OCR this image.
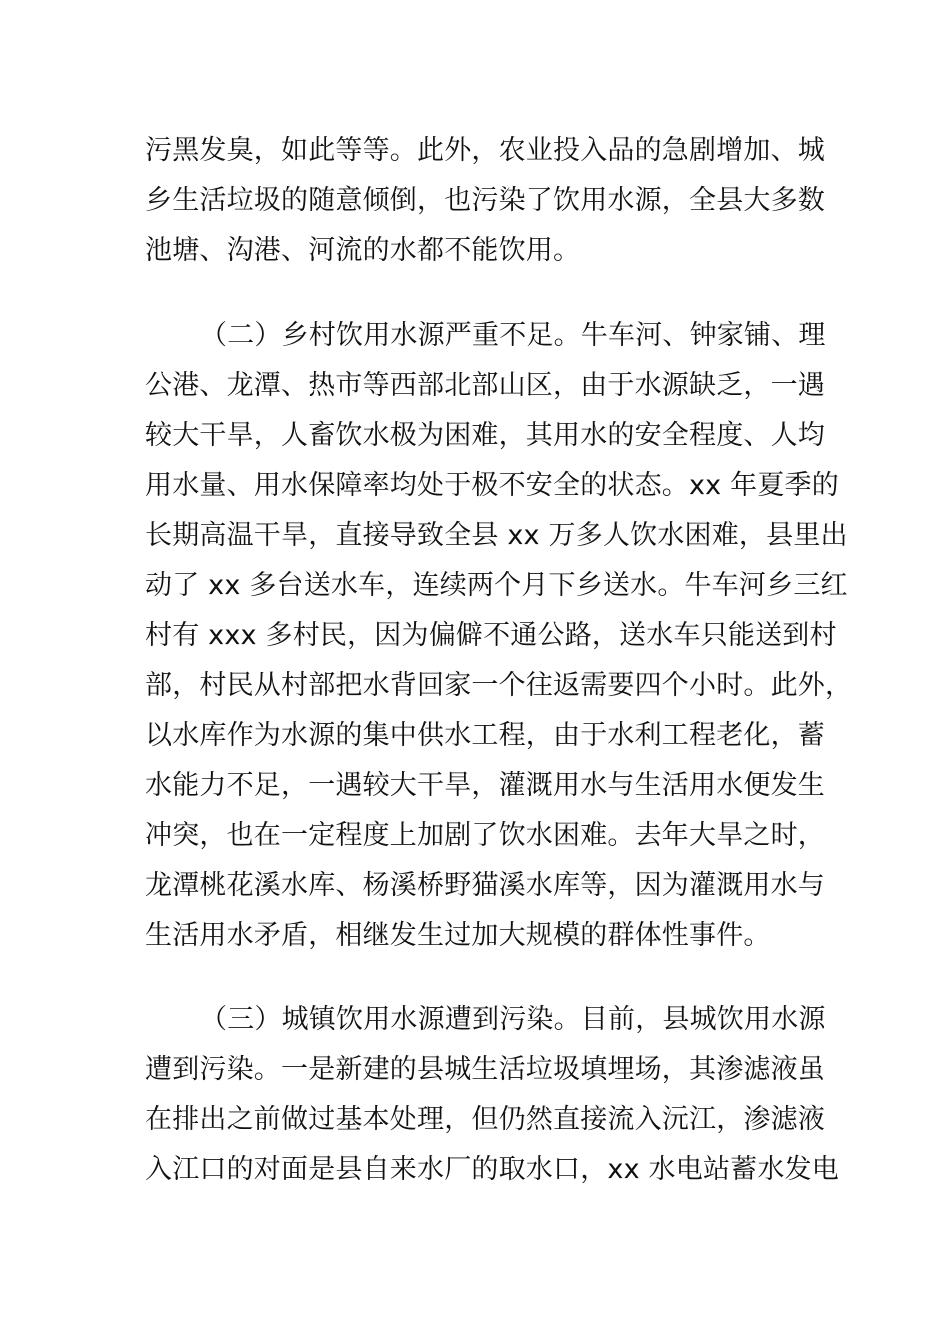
污黑发臭，如此等等。此外，农业投入品的急剧增加、城
乡生活垃圾的随意倾倒，也污染了饮用水源，全县大多数
池塘、沟港、河流的水都不能饮用。
（二）乡村饮用水源严重不足。牛车河、钟家铺、理
公港、龙潭、热市等西部北部山区，由于水源缺乏，一遇
较大干旱，人畜饮水极为困难，其用水的安全程度、人均
用水量、用水保障率均处于极不安全的状态。xx 年夏季的
长期高温干旱，直接导致全县 xx 万多人饮水困难，县里出
动了 xx 多台送水车，连续两个月下乡送水。牛车河乡三红
村有 xxx 多村民，因为偏僻不通公路，送水车只能送到村
部，村民从村部把水背回家一个往返需要四个小时。此外，
以水库作为水源的集中供水工程，由于水利工程老化，蓄
水能力不足，一遇较大干旱，灌溉用水与生活用水便发生
冲突，也在一定程度上加剧了饮水困难。去年大旱之时，
龙潭桃花溪水库、杨溪桥野猫溪水库等，因为灌溉用水与
生活用水矛盾，相继发生过加大规模的群体性事件。
（三）城镇饮用水源遭到污染。目前，县城饮用水源
遭到污染。一是新建的县城生活垃圾填埋场，其渗滤液虽
在排出之前做过基本处理，但仍然直接流入沅江，渗滤液
入江口的对面是县自来水厂的取水口，xx 水电站蓄水发电
